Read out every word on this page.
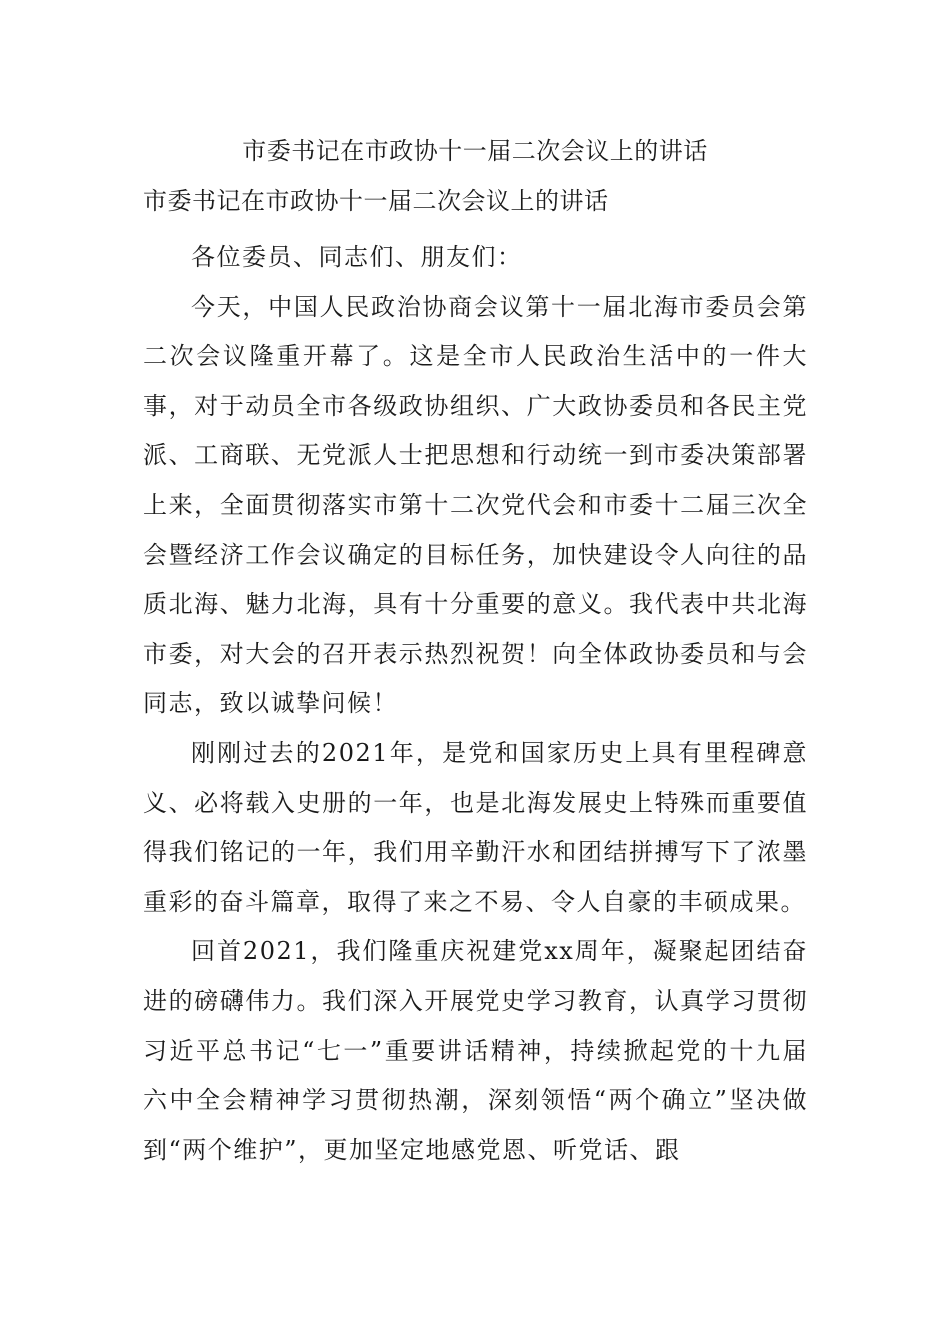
市委书记在市政协十一届二次会议上的讲话
市委书记在市政协十一届二次会议上的讲话

各位委员、同志们、朋友们：

今天，中国人民政治协商会议第十一届北海市委员会第二次会议隆重开幕了。这是全市人民政治生活中的一件大事，对于动员全市各级政协组织、广大政协委员和各民主党派、工商联、无党派人士把思想和行动统一到市委决策部署上来，全面贯彻落实市第十二次党代会和市委十二届三次全会暨经济工作会议确定的目标任务，加快建设令人向往的品质北海、魅力北海，具有十分重要的意义。我代表中共北海市委，对大会的召开表示热烈祝贺！向全体政协委员和与会同志，致以诚挚问候！

刚刚过去的2021年，是党和国家历史上具有里程碑意义、必将载入史册的一年，也是北海发展史上特殊而重要值得我们铭记的一年，我们用辛勤汗水和团结拼搏写下了浓墨重彩的奋斗篇章，取得了来之不易、令人自豪的丰硕成果。

回首2021，我们隆重庆祝建党xx周年，凝聚起团结奋进的磅礴伟力。我们深入开展党史学习教育，认真学习贯彻习近平总书记“七一”重要讲话精神，持续掀起党的十九届六中全会精神学习贯彻热潮，深刻领悟“两个确立”坚决做到“两个维护”，更加坚定地感党恩、听党话、跟
